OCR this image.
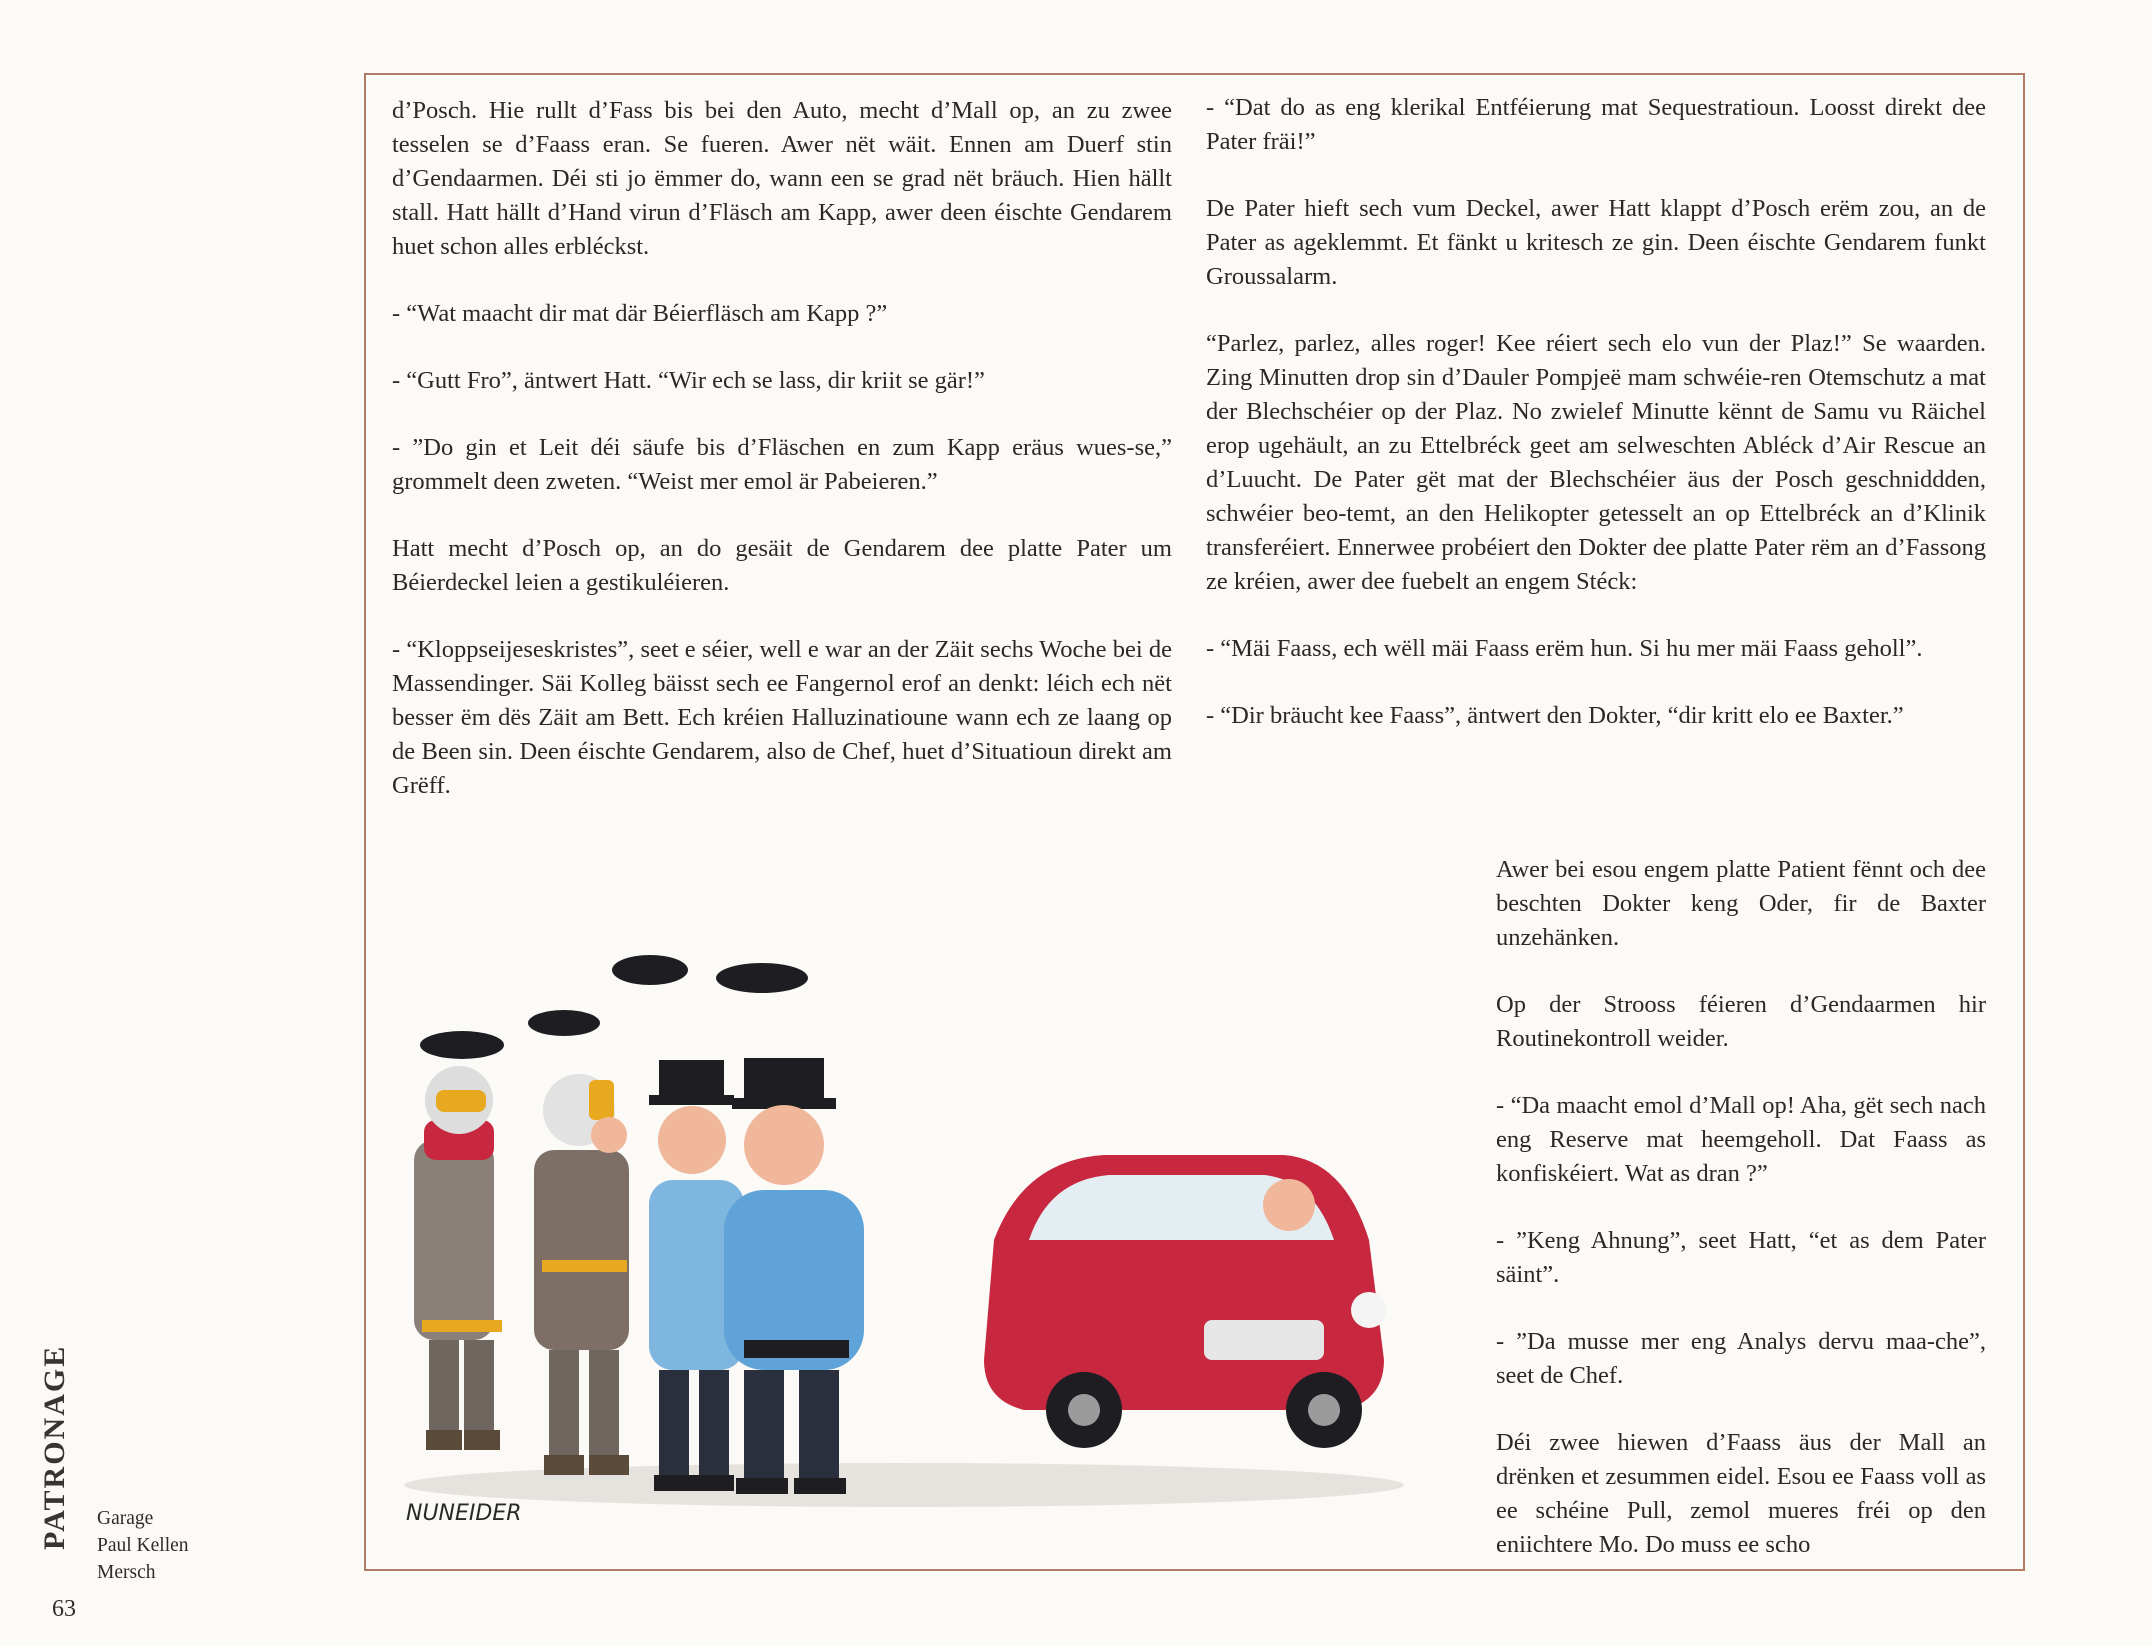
d’Posch. Hie rullt d’Fass bis bei den Auto, mecht d’Mall op, an zu zwee tesselen se d’Faass eran. Se fueren. Awer nët wäit. Ennen am Duerf stin d’Gendaarmen. Déi sti jo ëmmer do, wann een se grad nët bräuch. Hien hällt stall. Hatt hällt d’Hand virun d’Fläsch am Kapp, awer deen éischte Gendarem huet schon alles erbléckst.

- “Wat maacht dir mat där Béierfläsch am Kapp ?”

- “Gutt Fro”, äntwert Hatt. “Wir ech se lass, dir kriit se gär!”

- ”Do gin et Leit déi säufe bis d’Fläschen en zum Kapp eräus wues-se,” grommelt deen zweten. “Weist mer emol är Pabeieren.”

Hatt mecht d’Posch op, an do gesäit de Gendarem dee platte Pater um Béierdeckel leien a gestikuléieren.

- “Kloppseijeseskristes”, seet e séier, well e war an der Zäit sechs Woche bei de Massendinger. Säi Kolleg bäisst sech ee Fangernol erof an denkt: léich ech nët besser ëm dës Zäit am Bett. Ech kréien Halluzinatioune wann ech ze laang op de Been sin. Deen éischte Gendarem, also de Chef, huet d’Situatioun direkt am Grëff.

- “Dat do as eng klerikal Entféierung mat Sequestratioun. Loosst direkt dee Pater fräi!”

De Pater hieft sech vum Deckel, awer Hatt klappt d’Posch erëm zou, an de Pater as ageklemmt. Et fänkt u kritesch ze gin. Deen éischte Gendarem funkt Groussalarm.

“Parlez, parlez, alles roger! Kee réiert sech elo vun der Plaz!” Se waarden. Zing Minutten drop sin d’Dauler Pompjeë mam schwéie-ren Otemschutz a mat der Blechschéier op der Plaz. No zwielef Minutte kënnt de Samu vu Räichel erop ugehäult, an zu Ettelbréck geet am selweschten Abléck d’Air Rescue an d’Luucht. De Pater gët mat der Blechschéier äus der Posch geschniddden, schwéier beo-temt, an den Helikopter getesselt an op Ettelbréck an d’Klinik transferéiert. Ennerwee probéiert den Dokter dee platte Pater rëm an d’Fassong ze kréien, awer dee fuebelt an engem Stéck:

- “Mäi Faass, ech wëll mäi Faass erëm hun. Si hu mer mäi Faass geholl”.

- “Dir bräucht kee Faass”, äntwert den Dokter, “dir kritt elo ee Baxter.”

Awer bei esou engem platte Patient fënnt och dee beschten Dokter keng Oder, fir de Baxter unzehänken.

Op der Strooss féieren d’Gendaarmen hir Routinekontroll weider.

- “Da maacht emol d’Mall op! Aha, gët sech nach eng Reserve mat heemgeholl. Dat Faass as konfiskéiert. Wat as dran ?”

- ”Keng Ahnung”, seet Hatt, “et as dem Pater säint”.

- ”Da musse mer eng Analys dervu maa-che”, seet de Chef.

Déi zwee hiewen d’Faass äus der Mall an drënken et zesummen eidel. Esou ee Faass voll as ee schéine Pull, zemol mueres fréi op den eniichtere Mo. Do muss ee scho

NUNEIDER
PATRONAGE Garage
Paul Kellen
Mersch
63
